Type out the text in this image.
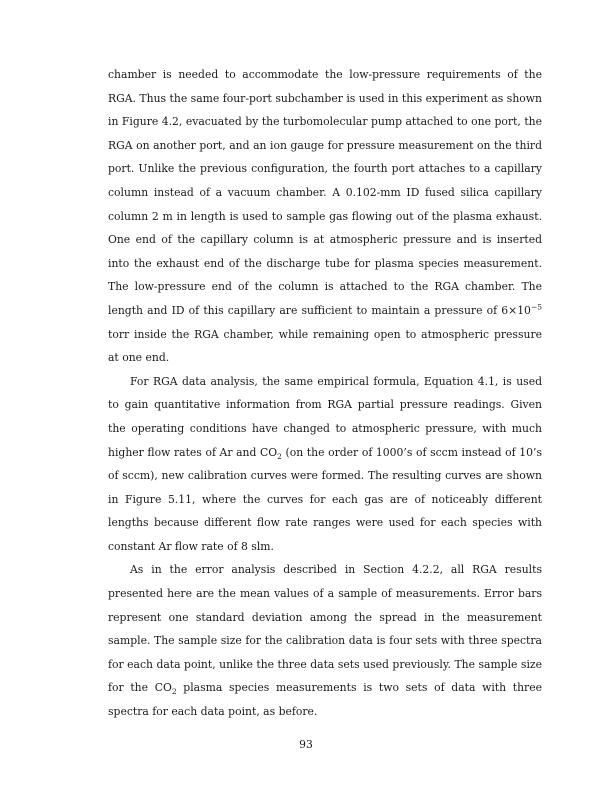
chamber is needed to accommodate the low-pressure requirements of the RGA. Thus the same four-port subchamber is used in this experiment as shown in Figure 4.2, evacuated by the turbomolecular pump attached to one port, the RGA on another port, and an ion gauge for pressure measurement on the third port. Unlike the previous configuration, the fourth port attaches to a capillary column instead of a vacuum chamber. A 0.102-mm ID fused silica capillary column 2 m in length is used to sample gas flowing out of the plasma exhaust. One end of the capillary column is at atmospheric pressure and is inserted into the exhaust end of the discharge tube for plasma species measurement. The low-pressure end of the column is attached to the RGA chamber. The length and ID of this capillary are sufficient to maintain a pressure of $6\times 10^{-5}$ torr inside the RGA chamber, while remaining open to atmospheric pressure at one end.

For RGA data analysis, the same empirical formula, Equation 4.1, is used to gain quantitative information from RGA partial pressure readings. Given the operating conditions have changed to atmospheric pressure, with much higher flow rates of Ar and $CO_2$ (on the order of 1000’s of sccm instead of 10’s of sccm), new calibration curves were formed. The resulting curves are shown in Figure 5.11, where the curves for each gas are of noticeably different lengths because different flow rate ranges were used for each species with constant Ar flow rate of 8 slm.

As in the error analysis described in Section 4.2.2, all RGA results presented here are the mean values of a sample of measurements. Error bars represent one standard deviation among the spread in the measurement sample. The sample size for the calibration data is four sets with three spectra for each data point, unlike the three data sets used previously. The sample size for the $CO_2$ plasma species measurements is two sets of data with three spectra for each data point, as before.

93
